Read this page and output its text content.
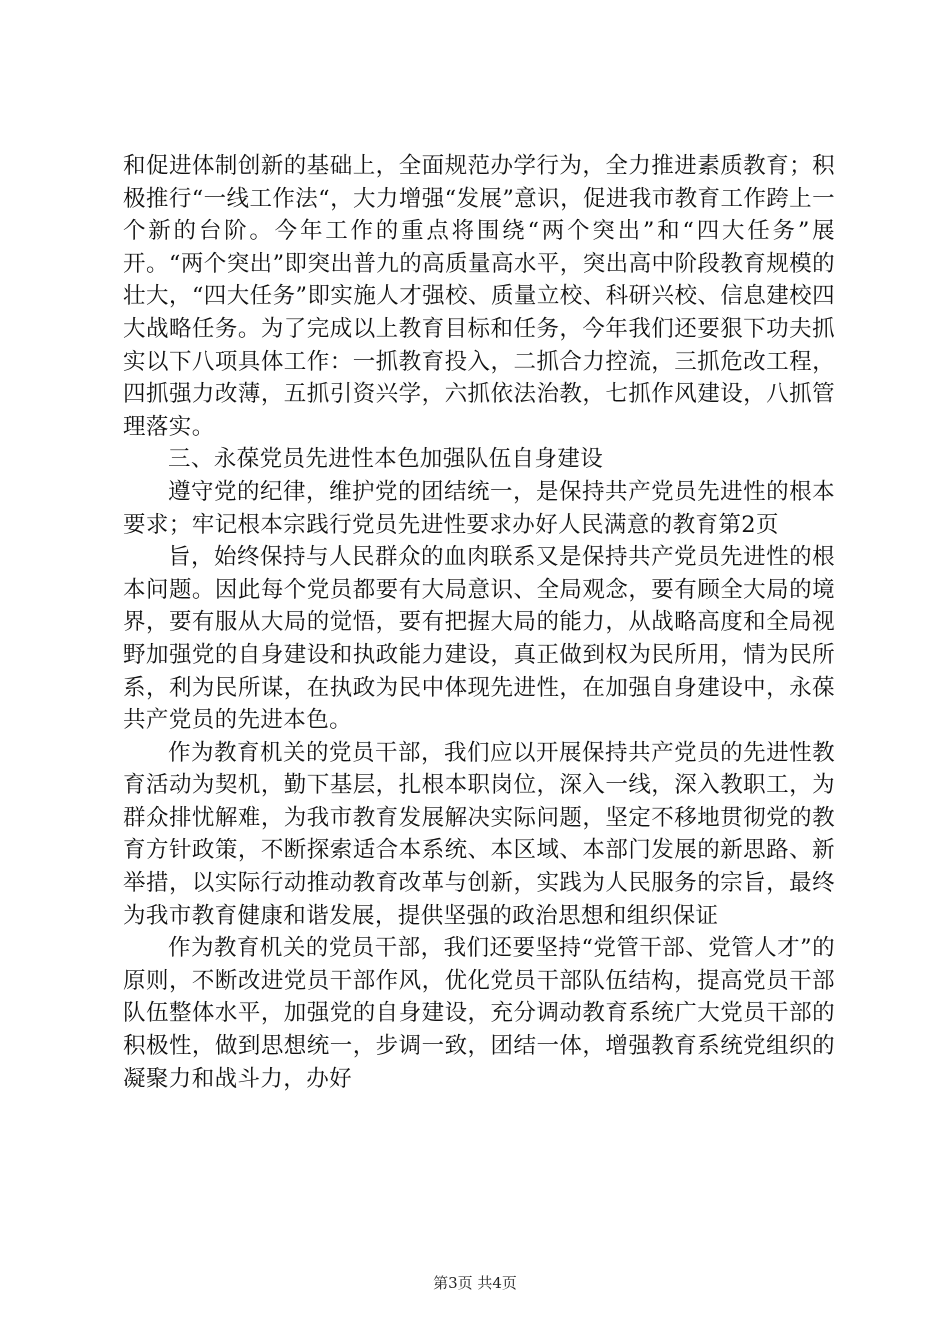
和促进体制创新的基础上，全面规范办学行为，全力推进素质教育；积极推行“一线工作法“，大力增强“发展”意识，促进我市教育工作跨上一个新的台阶。今年工作的重点将围绕“两个突出”和“四大任务”展开。“两个突出”即突出普九的高质量高水平，突出高中阶段教育规模的壮大，“四大任务”即实施人才强校、质量立校、科研兴校、信息建校四大战略任务。为了完成以上教育目标和任务，今年我们还要狠下功夫抓实以下八项具体工作：一抓教育投入，二抓合力控流，三抓危改工程，四抓强力改薄，五抓引资兴学，六抓依法治教，七抓作风建设，八抓管理落实。

三、永葆党员先进性本色加强队伍自身建设

遵守党的纪律，维护党的团结统一，是保持共产党员先进性的根本要求；牢记根本宗践行党员先进性要求办好人民满意的教育第2页

旨，始终保持与人民群众的血肉联系又是保持共产党员先进性的根本问题。因此每个党员都要有大局意识、全局观念，要有顾全大局的境界，要有服从大局的觉悟，要有把握大局的能力，从战略高度和全局视野加强党的自身建设和执政能力建设，真正做到权为民所用，情为民所系，利为民所谋，在执政为民中体现先进性，在加强自身建设中，永葆共产党员的先进本色。

作为教育机关的党员干部，我们应以开展保持共产党员的先进性教育活动为契机，勤下基层，扎根本职岗位，深入一线，深入教职工，为群众排忧解难，为我市教育发展解决实际问题，坚定不移地贯彻党的教育方针政策，不断探索适合本系统、本区域、本部门发展的新思路、新举措，以实际行动推动教育改革与创新，实践为人民服务的宗旨，最终为我市教育健康和谐发展，提供坚强的政治思想和组织保证

作为教育机关的党员干部，我们还要坚持“党管干部、党管人才”的原则，不断改进党员干部作风，优化党员干部队伍结构，提高党员干部队伍整体水平，加强党的自身建设，充分调动教育系统广大党员干部的积极性，做到思想统一，步调一致，团结一体，增强教育系统党组织的凝聚力和战斗力，办好

第3页 共4页
